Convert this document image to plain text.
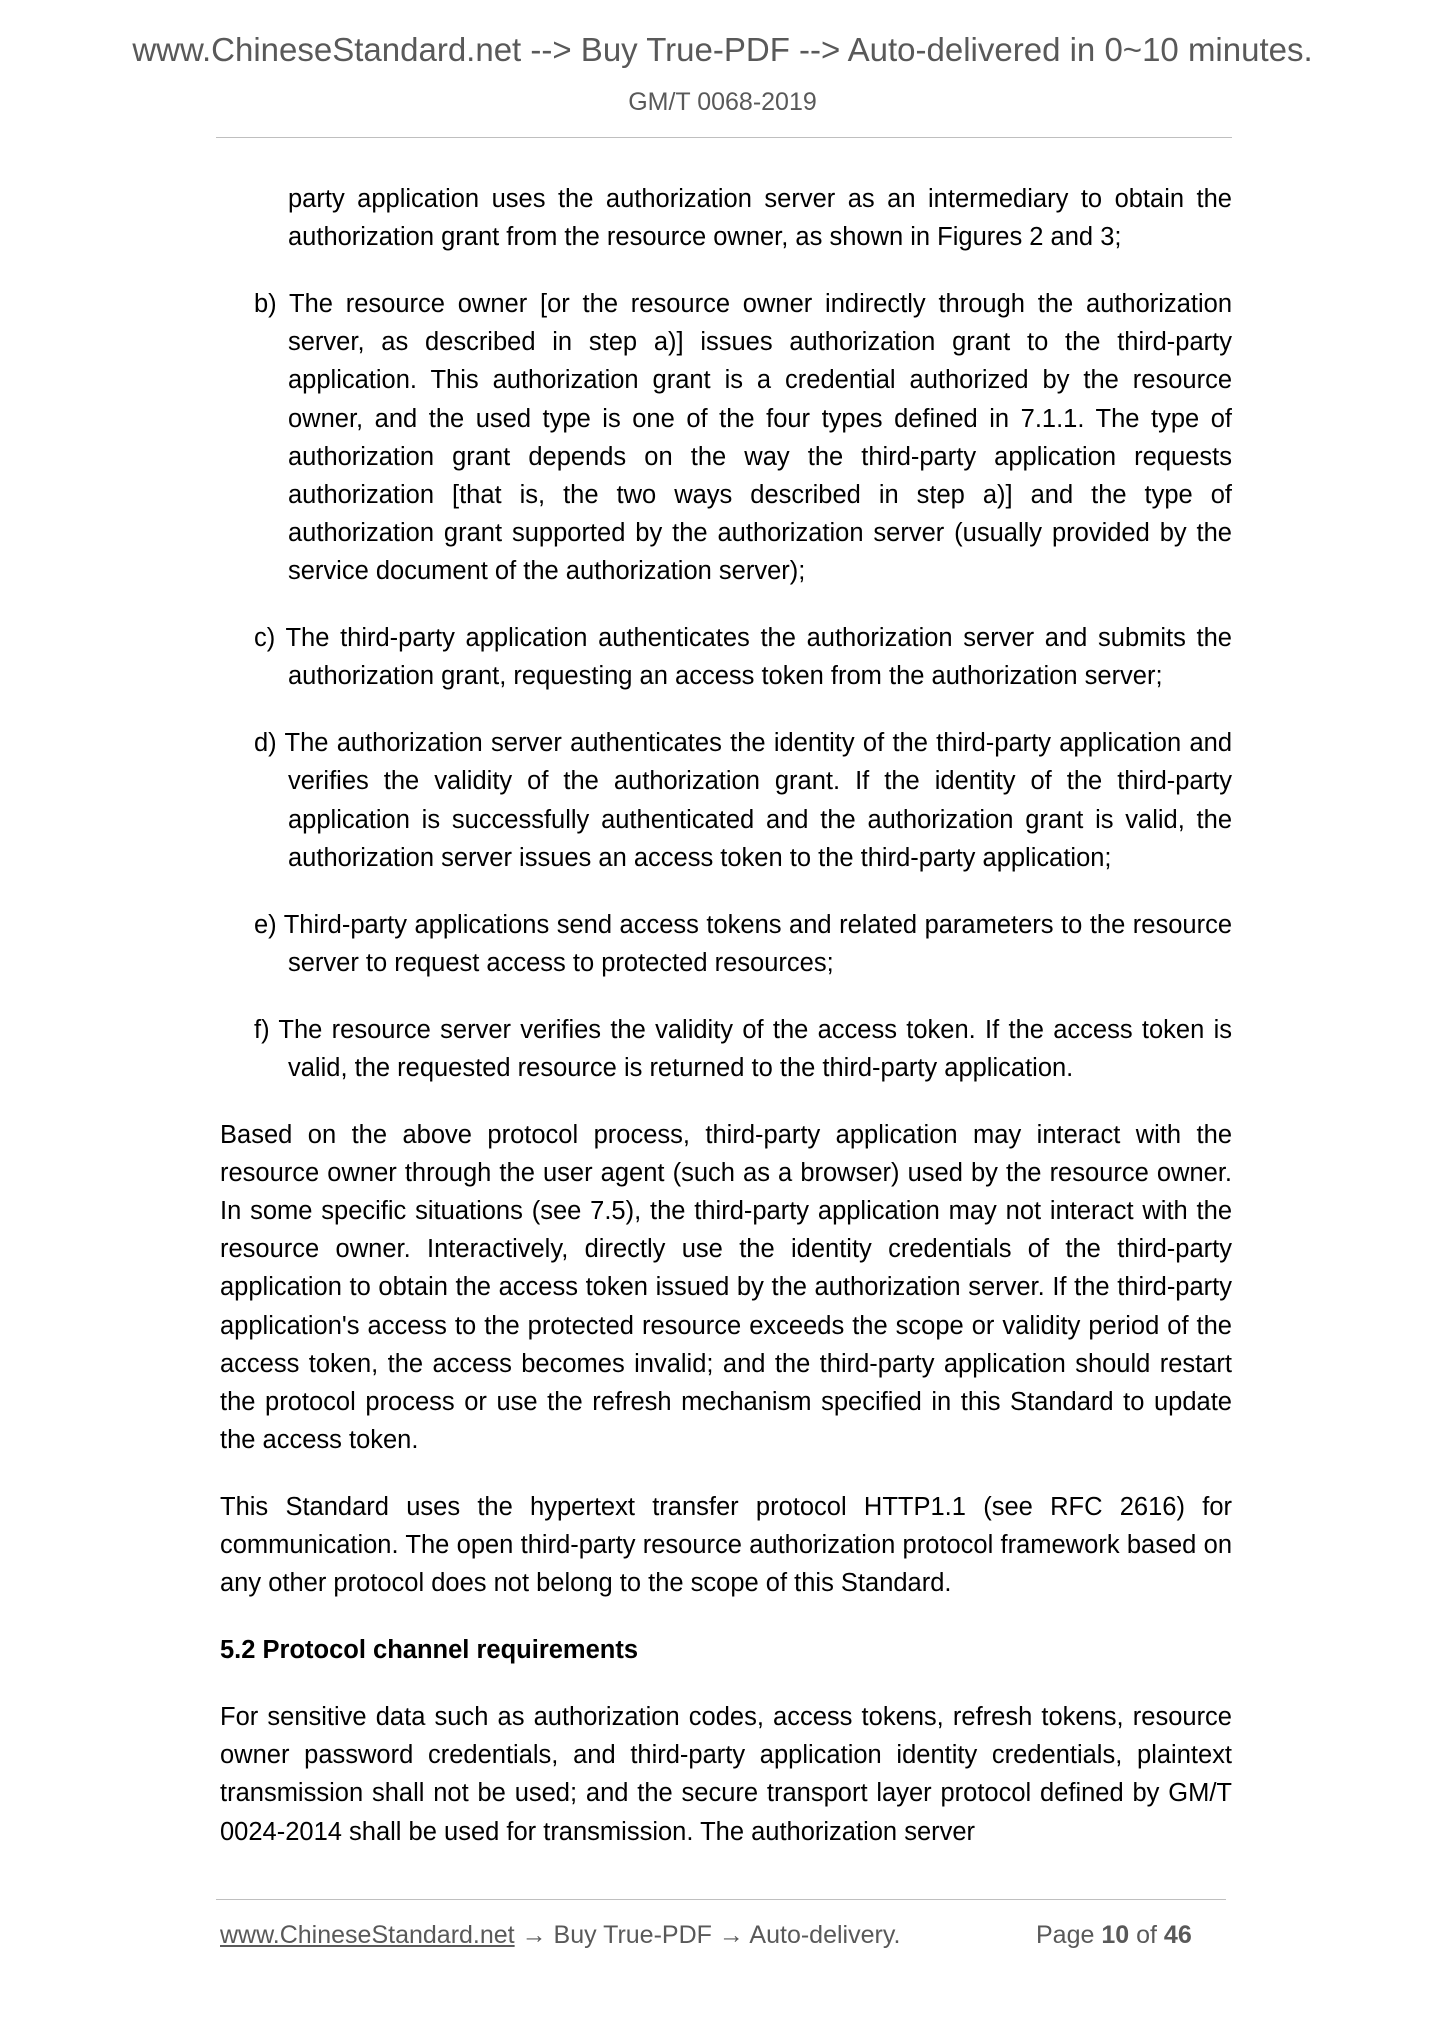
www.ChineseStandard.net --> Buy True-PDF --> Auto-delivered in 0~10 minutes.
GM/T 0068-2019
party application uses the authorization server as an intermediary to obtain the authorization grant from the resource owner, as shown in Figures 2 and 3;
b) The resource owner [or the resource owner indirectly through the authorization server, as described in step a)] issues authorization grant to the third-party application. This authorization grant is a credential authorized by the resource owner, and the used type is one of the four types defined in 7.1.1. The type of authorization grant depends on the way the third-party application requests authorization [that is, the two ways described in step a)] and the type of authorization grant supported by the authorization server (usually provided by the service document of the authorization server);
c) The third-party application authenticates the authorization server and submits the authorization grant, requesting an access token from the authorization server;
d) The authorization server authenticates the identity of the third-party application and verifies the validity of the authorization grant. If the identity of the third-party application is successfully authenticated and the authorization grant is valid, the authorization server issues an access token to the third-party application;
e) Third-party applications send access tokens and related parameters to the resource server to request access to protected resources;
f) The resource server verifies the validity of the access token. If the access token is valid, the requested resource is returned to the third-party application.
Based on the above protocol process, third-party application may interact with the resource owner through the user agent (such as a browser) used by the resource owner. In some specific situations (see 7.5), the third-party application may not interact with the resource owner. Interactively, directly use the identity credentials of the third-party application to obtain the access token issued by the authorization server. If the third-party application's access to the protected resource exceeds the scope or validity period of the access token, the access becomes invalid; and the third-party application should restart the protocol process or use the refresh mechanism specified in this Standard to update the access token.
This Standard uses the hypertext transfer protocol HTTP1.1 (see RFC 2616) for communication. The open third-party resource authorization protocol framework based on any other protocol does not belong to the scope of this Standard.
5.2 Protocol channel requirements
For sensitive data such as authorization codes, access tokens, refresh tokens, resource owner password credentials, and third-party application identity credentials, plaintext transmission shall not be used; and the secure transport layer protocol defined by GM/T 0024-2014 shall be used for transmission. The authorization server
www.ChineseStandard.net → Buy True-PDF → Auto-delivery.	Page 10 of 46
